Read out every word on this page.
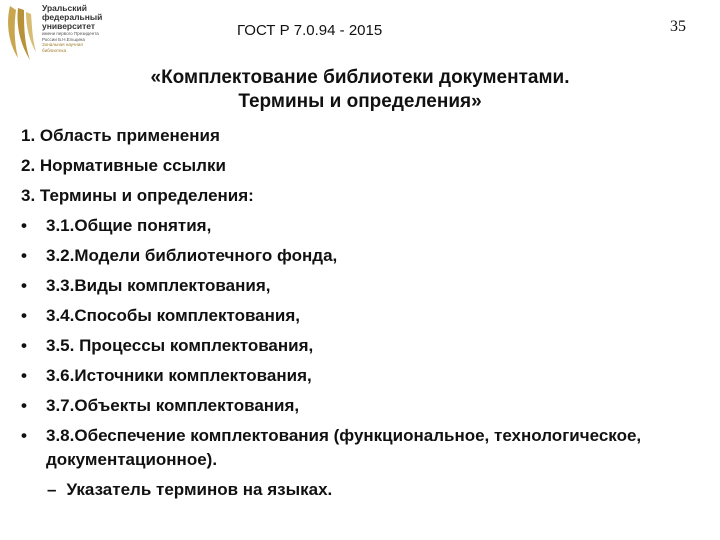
Уральский
федеральный
университет
имени первого Президента
России Б.Н.Ельцина
Зональная научная
библиотека
ГОСТ Р 7.0.94 - 2015	35
«Комплектование библиотеки документами.
Термины и определения»
1. Область применения
2. Нормативные ссылки
3. Термины и определения:
• 3.1.Общие понятия,
• 3.2.Модели библиотечного фонда,
• 3.3.Виды комплектования,
• 3.4.Способы комплектования,
• 3.5. Процессы комплектования,
• 3.6.Источники комплектования,
• 3.7.Объекты комплектования,
• 3.8.Обеспечение комплектования (функциональное, технологическое, документационное).
– Указатель терминов на языках.
